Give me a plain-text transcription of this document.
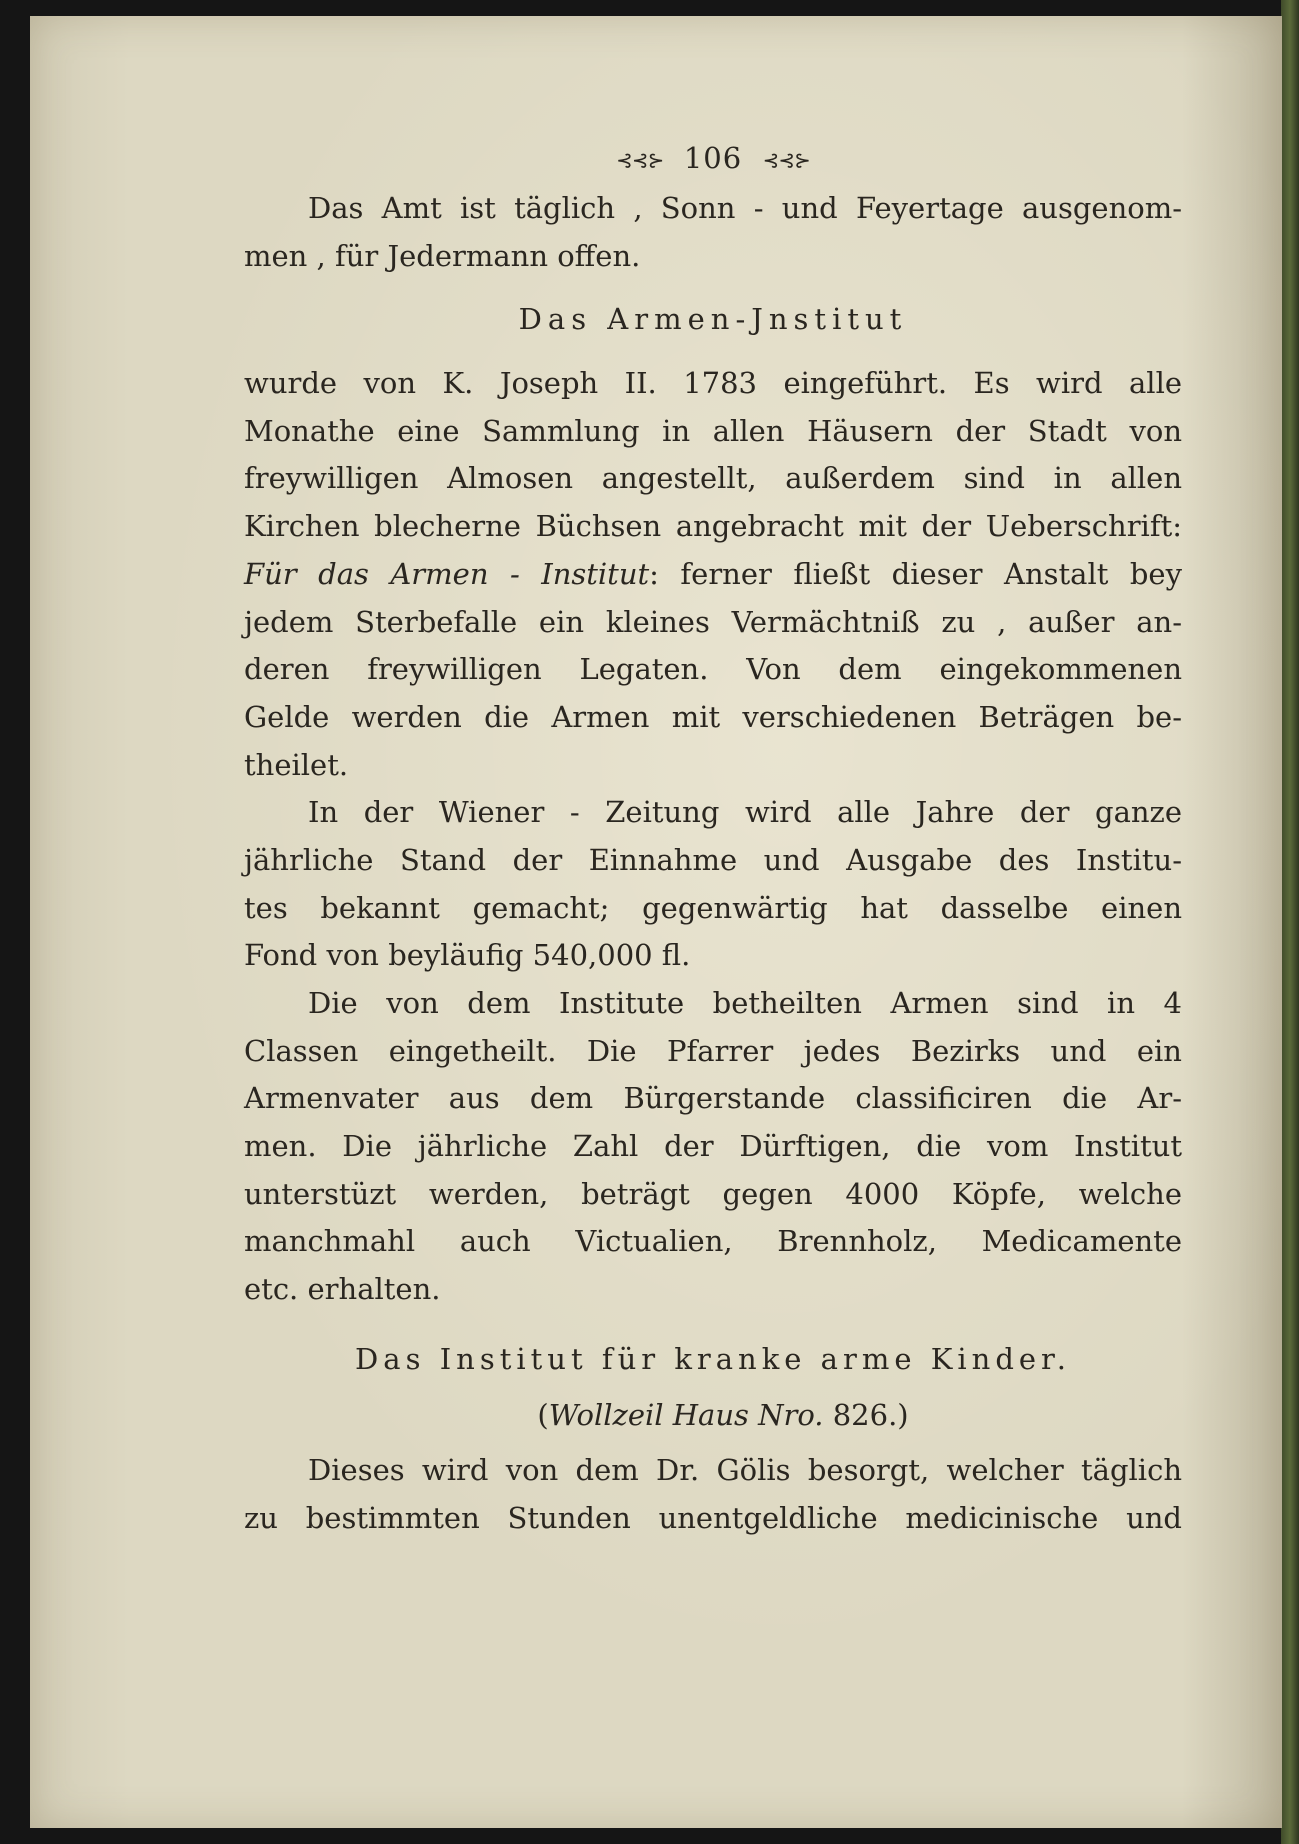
⊰⊰⊱ 106 ⊰⊰⊱
Das Amt ist täglich , Sonn - und Feyertage ausgenom-
men , für Jedermann offen.
Das Armen-Jnstitut
wurde von K. Joseph II. 1783 eingeführt. Es wird alle
Monathe eine Sammlung in allen Häusern der Stadt von
freywilligen Almosen angestellt, außerdem sind in allen
Kirchen blecherne Büchsen angebracht mit der Ueberschrift:
Für das Armen - Institut: ferner fließt dieser Anstalt bey
jedem Sterbefalle ein kleines Vermächtniß zu , außer an-
deren freywilligen Legaten. Von dem eingekommenen
Gelde werden die Armen mit verschiedenen Beträgen be-
theilet.
In der Wiener - Zeitung wird alle Jahre der ganze
jährliche Stand der Einnahme und Ausgabe des Institu-
tes bekannt gemacht; gegenwärtig hat dasselbe einen
Fond von beyläufig 540,000 fl.
Die von dem Institute betheilten Armen sind in 4
Classen eingetheilt. Die Pfarrer jedes Bezirks und ein
Armenvater aus dem Bürgerstande classificiren die Ar-
men. Die jährliche Zahl der Dürftigen, die vom Institut
unterstüzt werden, beträgt gegen 4000 Köpfe, welche
manchmahl auch Victualien, Brennholz, Medicamente
etc. erhalten.
Das Institut für kranke arme Kinder.
(Wollzeil Haus Nro. 826.)
Dieses wird von dem Dr. Gölis besorgt, welcher täglich
zu bestimmten Stunden unentgeldliche medicinische und
